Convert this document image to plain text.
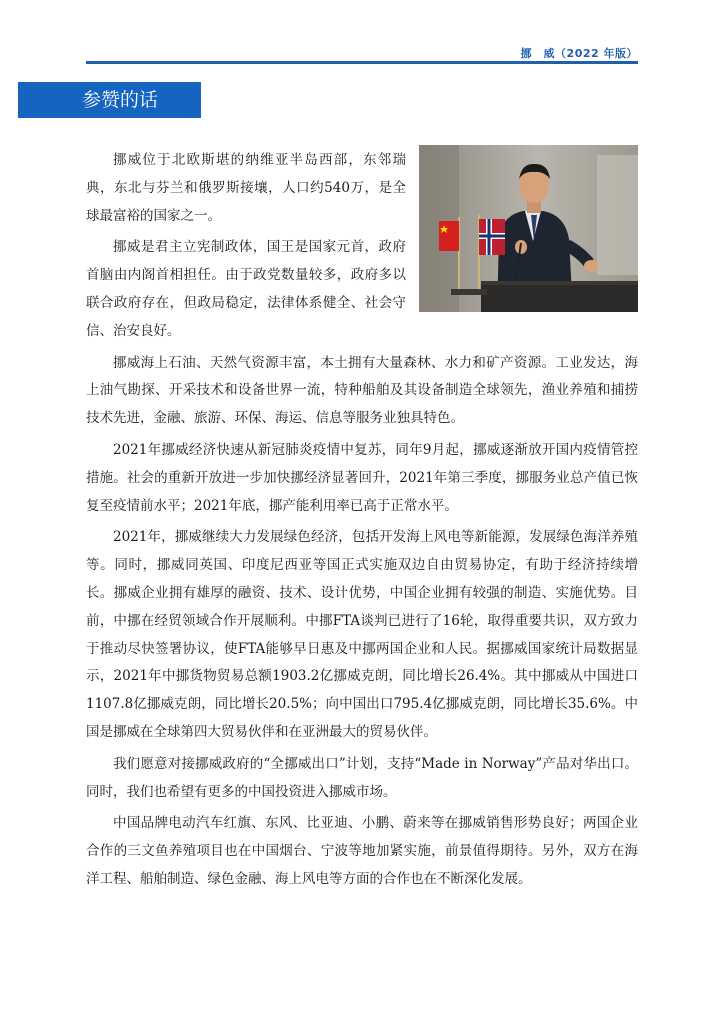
挪　威（2022 年版）
参赞的话

挪威位于北欧斯堪的纳维亚半岛西部，东邻瑞典，东北与芬兰和俄罗斯接壤，人口约540万，是全球最富裕的国家之一。

挪威是君主立宪制政体，国王是国家元首，政府首脑由内阁首相担任。由于政党数量较多，政府多以联合政府存在，但政局稳定，法律体系健全、社会守信、治安良好。

挪威海上石油、天然气资源丰富，本土拥有大量森林、水力和矿产资源。工业发达，海上油气勘探、开采技术和设备世界一流，特种船舶及其设备制造全球领先，渔业养殖和捕捞技术先进，金融、旅游、环保、海运、信息等服务业独具特色。

2021年挪威经济快速从新冠肺炎疫情中复苏，同年9月起，挪威逐渐放开国内疫情管控措施。社会的重新开放进一步加快挪经济显著回升，2021年第三季度，挪服务业总产值已恢复至疫情前水平；2021年底，挪产能利用率已高于正常水平。

2021年，挪威继续大力发展绿色经济，包括开发海上风电等新能源，发展绿色海洋养殖等。同时，挪威同英国、印度尼西亚等国正式实施双边自由贸易协定，有助于经济持续增长。挪威企业拥有雄厚的融资、技术、设计优势，中国企业拥有较强的制造、实施优势。目前，中挪在经贸领域合作开展顺利。中挪FTA谈判已进行了16轮，取得重要共识，双方致力于推动尽快签署协议，使FTA能够早日惠及中挪两国企业和人民。据挪威国家统计局数据显示，2021年中挪货物贸易总额1903.2亿挪威克朗，同比增长26.4%。其中挪威从中国进口1107.8亿挪威克朗，同比增长20.5%；向中国出口795.4亿挪威克朗，同比增长35.6%。中国是挪威在全球第四大贸易伙伴和在亚洲最大的贸易伙伴。

我们愿意对接挪威政府的“全挪威出口”计划，支持“Made in Norway”产品对华出口。同时，我们也希望有更多的中国投资进入挪威市场。

中国品牌电动汽车红旗、东风、比亚迪、小鹏、蔚来等在挪威销售形势良好；两国企业合作的三文鱼养殖项目也在中国烟台、宁波等地加紧实施，前景值得期待。另外，双方在海洋工程、船舶制造、绿色金融、海上风电等方面的合作也在不断深化发展。
